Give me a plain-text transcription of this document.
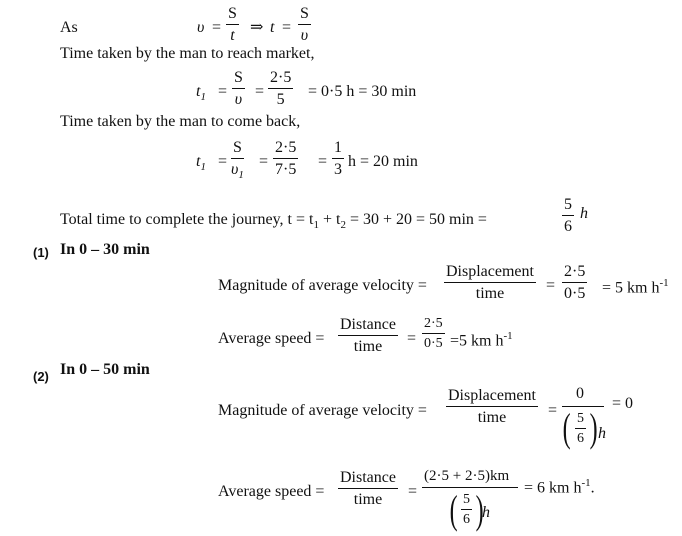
As	$\upsilon = \frac{S}{t}$ ⇒ $t = \frac{S}{\upsilon}$
Time taken by the man to reach market,
$t_1 = \frac{S}{\upsilon} = \frac{2\cdot 5}{5} = 0\cdot 5$ h = 30 min
Time taken by the man to come back,
$t_1 = \frac{S}{\upsilon_1} = \frac{2\cdot 5}{7\cdot 5} = \frac{1}{3}$ h = 20 min
Total time to complete the journey, $t = t_1 + t_2 = 30 + 20 = 50$ min =	$\frac{5}{6}$ h
(1) In 0 – 30 min
Magnitude of average velocity =
Displacement
time	= $\frac{2\cdot 5}{0\cdot 5} = 5$ km $h^{-1}$
Average speed =
Distance
time	= $\frac{2\cdot 5}{0\cdot 5} =5$ km $h^{-1}$
(2) In 0 – 50 min
Magnitude of average velocity =
Displacement
time	=
0
( $\frac{5}{6}$ ) h
= 0
Average speed =
Distance
time	=
(2·5 + 2·5)km
( $\frac{5}{6}$ )
h
= 6 km $h^{-1}$.
